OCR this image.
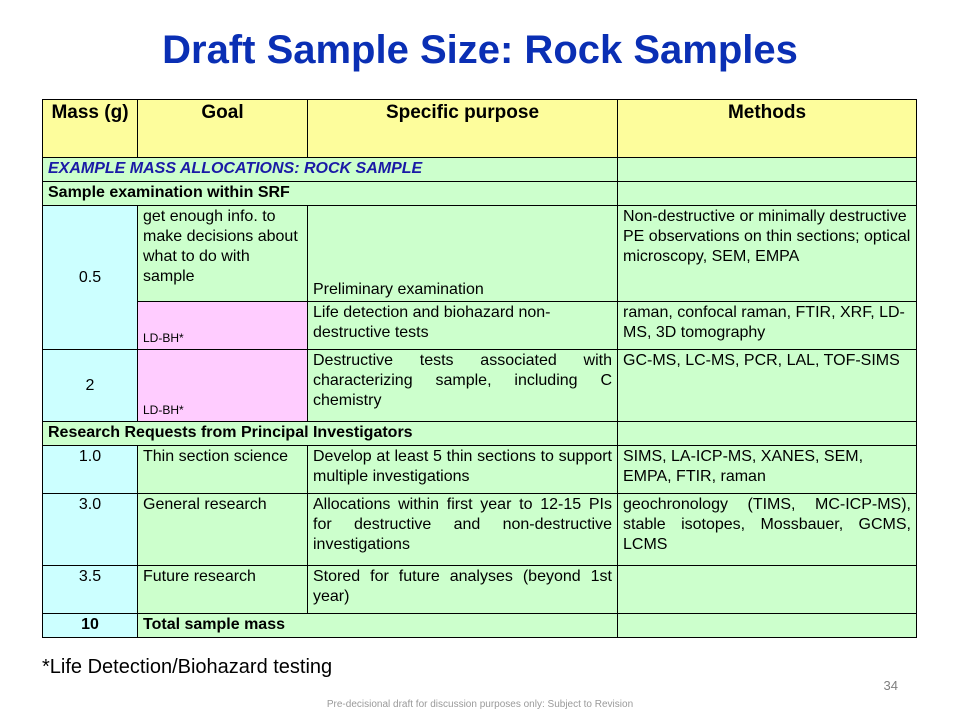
Draft Sample Size: Rock Samples
Mass (g)	Goal	Specific purpose	Methods
EXAMPLE MASS ALLOCATIONS: ROCK SAMPLE			
Sample examination within SRF			
0.5	get enough info. to make decisions about what to do with sample	Preliminary examination	Non-destructive or minimally destructive PE observations on thin sections; optical microscopy, SEM, EMPA
	LD-BH*	Life detection and biohazard non-destructive tests	raman, confocal raman, FTIR, XRF, LD-MS, 3D tomography
2	LD-BH*	Destructive tests associated with characterizing sample, including C chemistry	GC-MS, LC-MS, PCR, LAL, TOF-SIMS
Research Requests from Principal Investigators			
1.0	Thin section science	Develop at least 5 thin sections to support multiple investigations	SIMS, LA-ICP-MS, XANES, SEM, EMPA, FTIR, raman
3.0	General research	Allocations within first year to 12-15 PIs for destructive and non-destructive investigations	geochronology (TIMS, MC-ICP-MS), stable isotopes, Mossbauer, GCMS, LCMS
3.5	Future research	Stored for future analyses (beyond 1st year)	
10	Total sample mass		
*Life Detection/Biohazard testing
34
Pre-decisional draft for discussion purposes only: Subject to Revision
